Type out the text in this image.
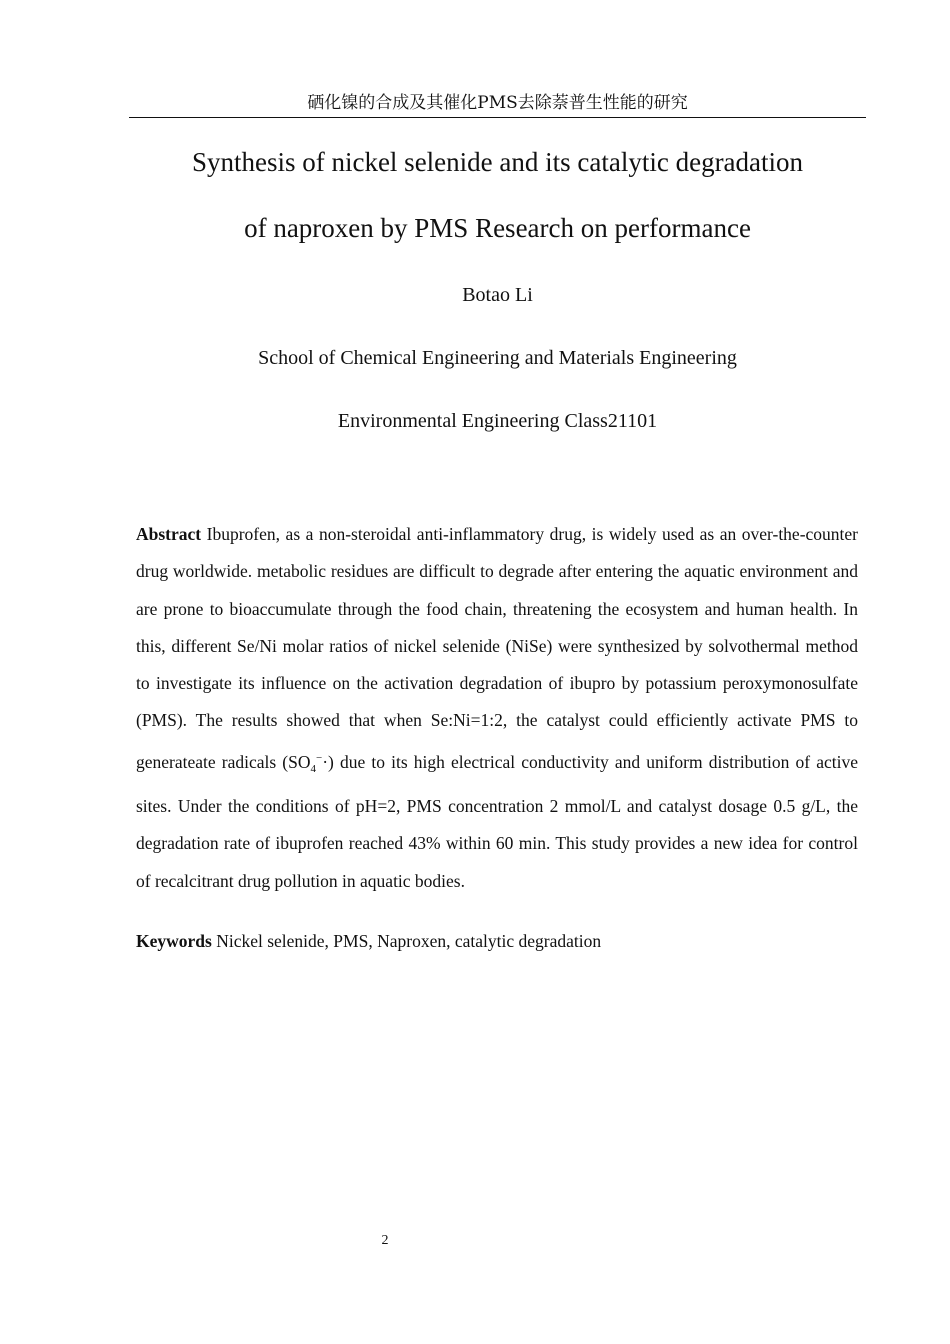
硒化镍的合成及其催化PMS去除萘普生性能的研究
Synthesis of nickel selenide and its catalytic degradation
of naproxen by PMS Research on performance
Botao Li
School of Chemical Engineering and Materials Engineering
Environmental Engineering Class21101

Abstract Ibuprofen, as a non-steroidal anti-inflammatory drug, is widely used as an over-the-counter drug worldwide. metabolic residues are difficult to degrade after entering the aquatic environment and are prone to bioaccumulate through the food chain, threatening the ecosystem and human health. In this, different Se/Ni molar ratios of nickel selenide (NiSe) were synthesized by solvothermal method to investigate its influence on the activation degradation of ibupro by potassium peroxymonosulfate (PMS). The results showed that when Se:Ni=1:2, the catalyst could efficiently activate PMS to generateate radicals $(SO_4^-\cdot)$ due to its high electrical conductivity and uniform distribution of active sites. Under the conditions of pH=2, PMS concentration 2 mmol/L and catalyst dosage 0.5 g/L, the degradation rate of ibuprofen reached 43% within 60 min. This study provides a new idea for control of recalcitrant drug pollution in aquatic bodies.

Keywords Nickel selenide, PMS, Naproxen, catalytic degradation

2
